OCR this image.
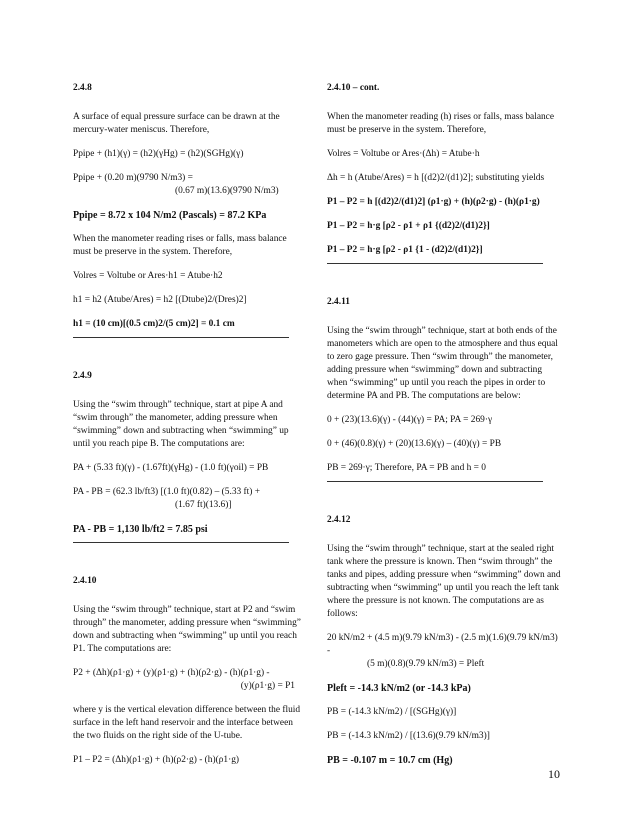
2.4.8

A surface of equal pressure surface can be drawn at the mercury-water meniscus. Therefore,

Ppipe + (h1)(γ) = (h2)(γHg) = (h2)(SGHg)(γ)

Ppipe + (0.20 m)(9790 N/m3) =

(0.67 m)(13.6)(9790 N/m3)

Ppipe = 8.72 x 104 N/m2 (Pascals) = 87.2 KPa

When the manometer reading rises or falls, mass balance must be preserve in the system. Therefore,

Volres = Voltube or Ares·h1 = Atube·h2

h1 = h2 (Atube/Ares) = h2 [(Dtube)2/(Dres)2]

h1 = (10 cm)[(0.5 cm)2/(5 cm)2] = 0.1 cm

2.4.9

Using the “swim through” technique, start at pipe A and “swim through” the manometer, adding pressure when “swimming” down and subtracting when “swimming” up until you reach pipe B. The computations are:

PA + (5.33 ft)(γ) - (1.67ft)(γHg) - (1.0 ft)(γoil) = PB

PA - PB = (62.3 lb/ft3) [(1.0 ft)(0.82) – (5.33 ft) +

(1.67 ft)(13.6)]

PA - PB = 1,130 lb/ft2 = 7.85 psi

2.4.10

Using the “swim through” technique, start at P2 and “swim through” the manometer, adding pressure when “swimming” down and subtracting when “swimming” up until you reach P1. The computations are:

P2 + (Δh)(ρ1·g) + (y)(ρ1·g) + (h)(ρ2·g) - (h)(ρ1·g) -

(y)(ρ1·g) = P1

where y is the vertical elevation difference between the fluid surface in the left hand reservoir and the interface between the two fluids on the right side of the U-tube.

P1 – P2 = (Δh)(ρ1·g) + (h)(ρ2·g) - (h)(ρ1·g)

2.4.10 – cont.

When the manometer reading (h) rises or falls, mass balance must be preserve in the system. Therefore,

Volres = Voltube or Ares·(Δh) = Atube·h

Δh = h (Atube/Ares) = h [(d2)2/(d1)2]; substituting yields

P1 – P2 = h [(d2)2/(d1)2] (ρ1·g) + (h)(ρ2·g) - (h)(ρ1·g)

P1 – P2 = h·g [ρ2 - ρ1 + ρ1 {(d2)2/(d1)2}]

P1 – P2 = h·g [ρ2 - ρ1 {1 - (d2)2/(d1)2}]

2.4.11

Using the “swim through” technique, start at both ends of the manometers which are open to the atmosphere and thus equal to zero gage pressure. Then “swim through” the manometer, adding pressure when “swimming” down and subtracting when “swimming” up until you reach the pipes in order to determine PA and PB. The computations are below:

0 + (23)(13.6)(γ) - (44)(γ) = PA; PA = 269·γ

0 + (46)(0.8)(γ) + (20)(13.6)(γ) – (40)(γ) = PB

PB = 269·γ; Therefore, PA = PB and h = 0

2.4.12

Using the “swim through” technique, start at the sealed right tank where the pressure is known. Then “swim through” the tanks and pipes, adding pressure when “swimming” down and subtracting when “swimming” up until you reach the left tank where the pressure is not known. The computations are as follows:

20 kN/m2 + (4.5 m)(9.79 kN/m3) - (2.5 m)(1.6)(9.79 kN/m3) -

(5 m)(0.8)(9.79 kN/m3) = Pleft

Pleft = -14.3 kN/m2 (or -14.3 kPa)

PB = (-14.3 kN/m2) / [(SGHg)(γ)]

PB = (-14.3 kN/m2) / [(13.6)(9.79 kN/m3)]

PB = -0.107 m = 10.7 cm (Hg)

10
